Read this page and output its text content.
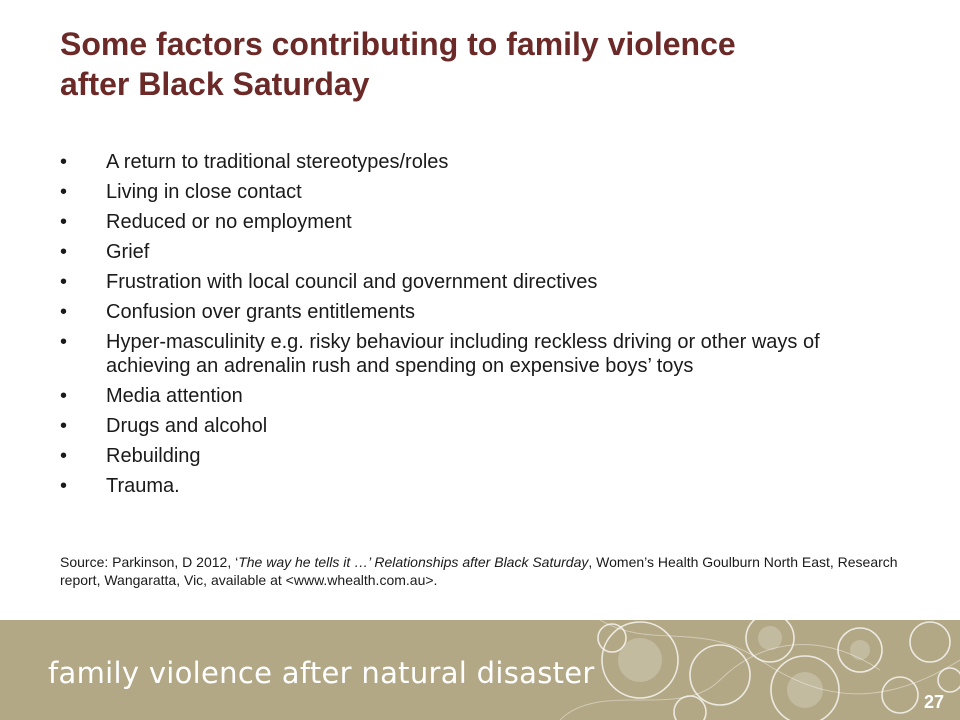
Some factors contributing to family violence
after Black Saturday
•	A return to traditional stereotypes/roles
•	Living in close contact
•	Reduced or no employment
•	Grief
•	Frustration with local council and government directives
•	Confusion over grants entitlements
•	Hyper-masculinity e.g. risky behaviour including reckless driving or other ways of achieving an adrenalin rush and spending on expensive boys’ toys
•	Media attention
•	Drugs and alcohol
•	Rebuilding
•	Trauma.

Source: Parkinson, D 2012, ‘The way he tells it …’ Relationships after Black Saturday, Women’s Health Goulburn North East, Research report, Wangaratta, Vic, available at <www.whealth.com.au>.

family violence after natural disaster
27
